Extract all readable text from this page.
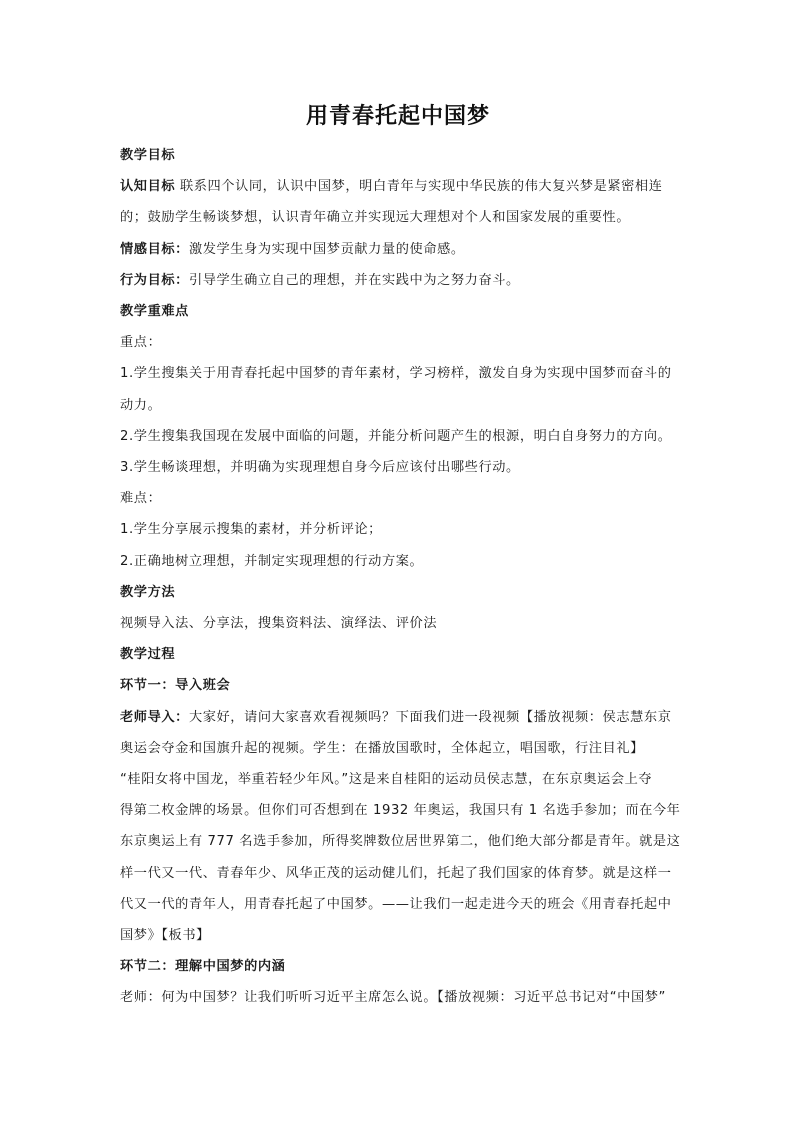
用青春托起中国梦
教学目标
认知目标 联系四个认同，认识中国梦，明白青年与实现中华民族的伟大复兴梦是紧密相连
的；鼓励学生畅谈梦想，认识青年确立并实现远大理想对个人和国家发展的重要性。
情感目标：激发学生身为实现中国梦贡献力量的使命感。
行为目标：引导学生确立自己的理想，并在实践中为之努力奋斗。
教学重难点
重点：
1.学生搜集关于用青春托起中国梦的青年素材，学习榜样，激发自身为实现中国梦而奋斗的
动力。
2.学生搜集我国现在发展中面临的问题，并能分析问题产生的根源，明白自身努力的方向。
3.学生畅谈理想，并明确为实现理想自身今后应该付出哪些行动。
难点：
1.学生分享展示搜集的素材，并分析评论；
2.正确地树立理想，并制定实现理想的行动方案。
教学方法
视频导入法、分享法，搜集资料法、演绎法、评价法
教学过程
环节一：导入班会
老师导入：大家好，请问大家喜欢看视频吗？下面我们进一段视频【播放视频：侯志慧东京
奥运会夺金和国旗升起的视频。学生：在播放国歌时，全体起立，唱国歌，行注目礼】
“桂阳女将中国龙，举重若轻少年风。”这是来自桂阳的运动员侯志慧，在东京奥运会上夺
得第二枚金牌的场景。但你们可否想到在 1932 年奥运，我国只有 1 名选手参加；而在今年
东京奥运上有 777 名选手参加，所得奖牌数位居世界第二，他们绝大部分都是青年。就是这
样一代又一代、青春年少、风华正茂的运动健儿们，托起了我们国家的体育梦。就是这样一
代又一代的青年人，用青春托起了中国梦。——让我们一起走进今天的班会《用青春托起中
国梦》【板书】
环节二：理解中国梦的内涵
老师：何为中国梦？让我们听听习近平主席怎么说。【播放视频：习近平总书记对“中国梦”
